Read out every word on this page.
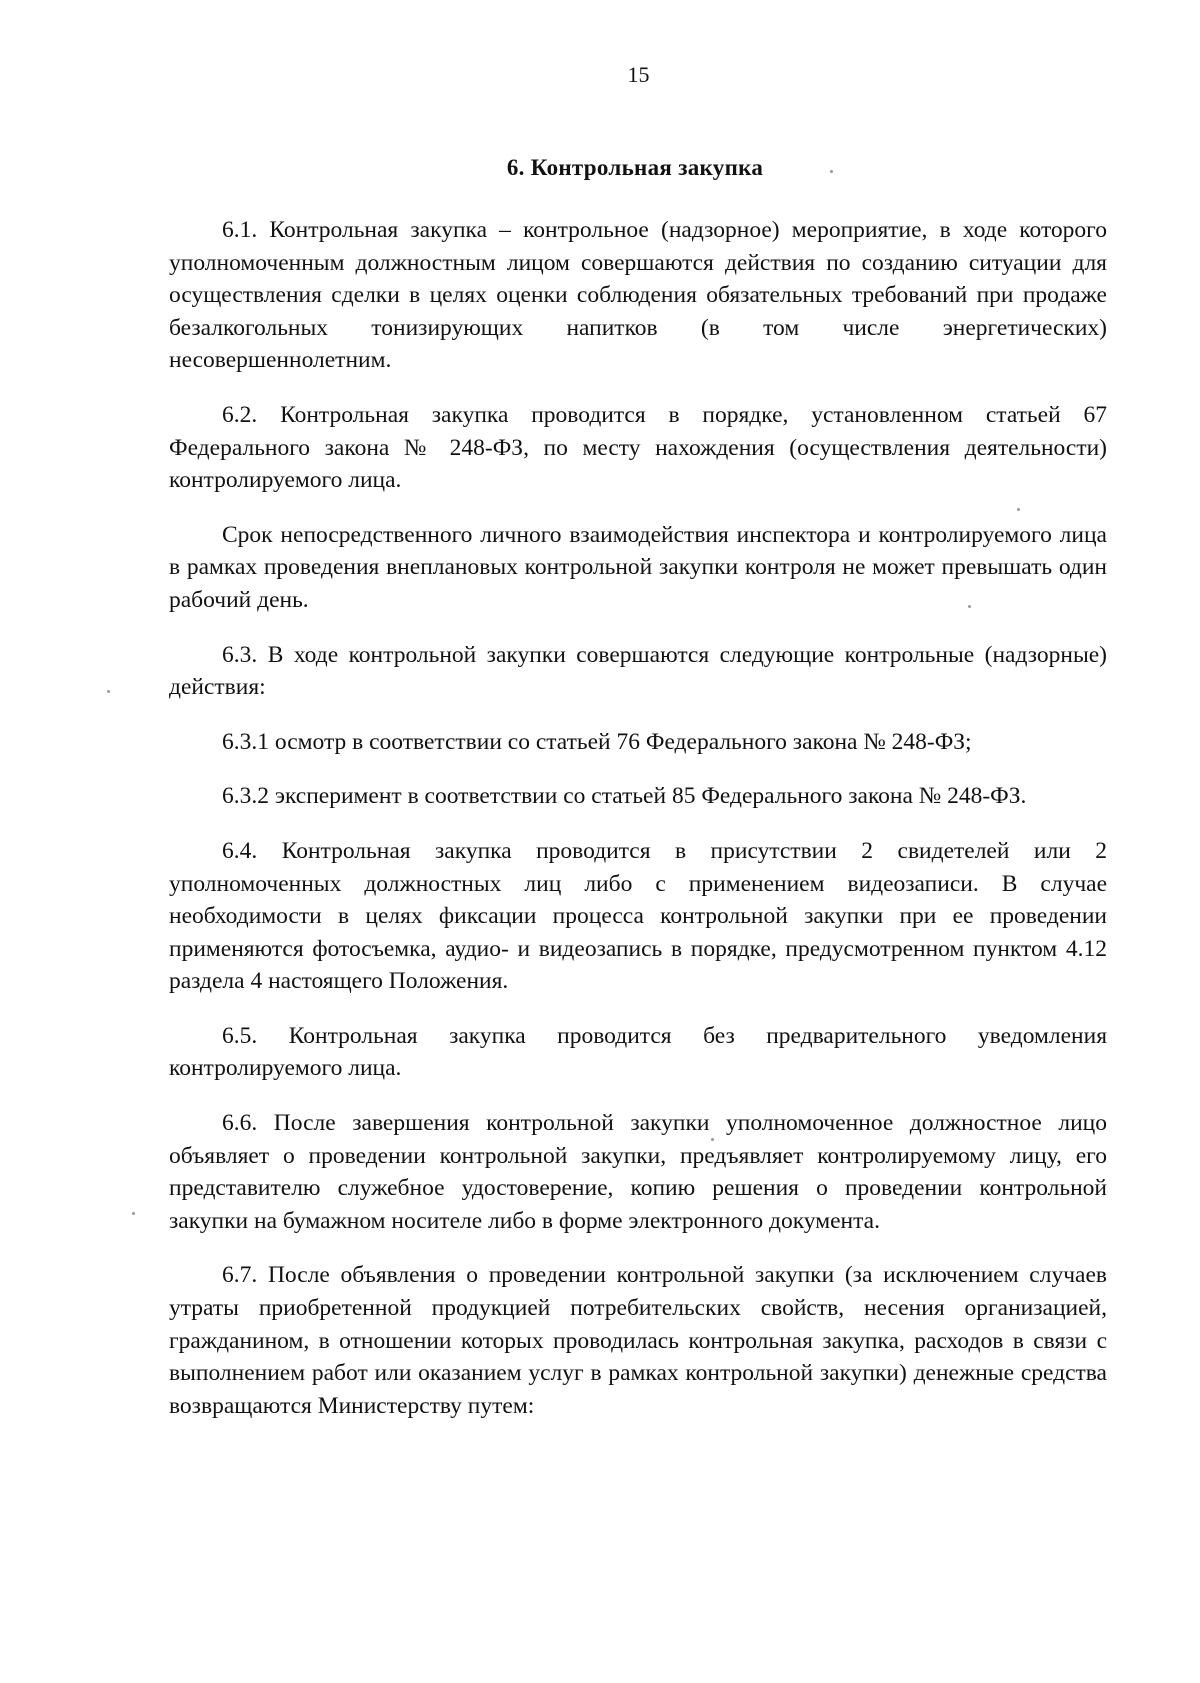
15
6. Контрольная закупка

6.1. Контрольная закупка – контрольное (надзорное) мероприятие, в ходе которого уполномоченным должностным лицом совершаются действия по созданию ситуации для осуществления сделки в целях оценки соблюдения обязательных требований при продаже безалкогольных тонизирующих напитков (в том числе энергетических) несовершеннолетним.

6.2. Контрольная закупка проводится в порядке, установленном статьей 67 Федерального закона № 248-ФЗ, по месту нахождения (осуществления деятельности) контролируемого лица.

Срок непосредственного личного взаимодействия инспектора и контролируемого лица в рамках проведения внеплановых контрольной закупки контроля не может превышать один рабочий день.

6.3. В ходе контрольной закупки совершаются следующие контрольные (надзорные) действия:

6.3.1 осмотр в соответствии со статьей 76 Федерального закона № 248-ФЗ;

6.3.2 эксперимент в соответствии со статьей 85 Федерального закона № 248-ФЗ.

6.4. Контрольная закупка проводится в присутствии 2 свидетелей или 2 уполномоченных должностных лиц либо с применением видеозаписи. В случае необходимости в целях фиксации процесса контрольной закупки при ее проведении применяются фотосъемка, аудио- и видеозапись в порядке, предусмотренном пунктом 4.12 раздела 4 настоящего Положения.

6.5. Контрольная закупка проводится без предварительного уведомления контролируемого лица.

6.6. После завершения контрольной закупки уполномоченное должностное лицо объявляет о проведении контрольной закупки, предъявляет контролируемому лицу, его представителю служебное удостоверение, копию решения о проведении контрольной закупки на бумажном носителе либо в форме электронного документа.

6.7. После объявления о проведении контрольной закупки (за исключением случаев утраты приобретенной продукцией потребительских свойств, несения организацией, гражданином, в отношении которых проводилась контрольная закупка, расходов в связи с выполнением работ или оказанием услуг в рамках контрольной закупки) денежные средства возвращаются Министерству путем:
